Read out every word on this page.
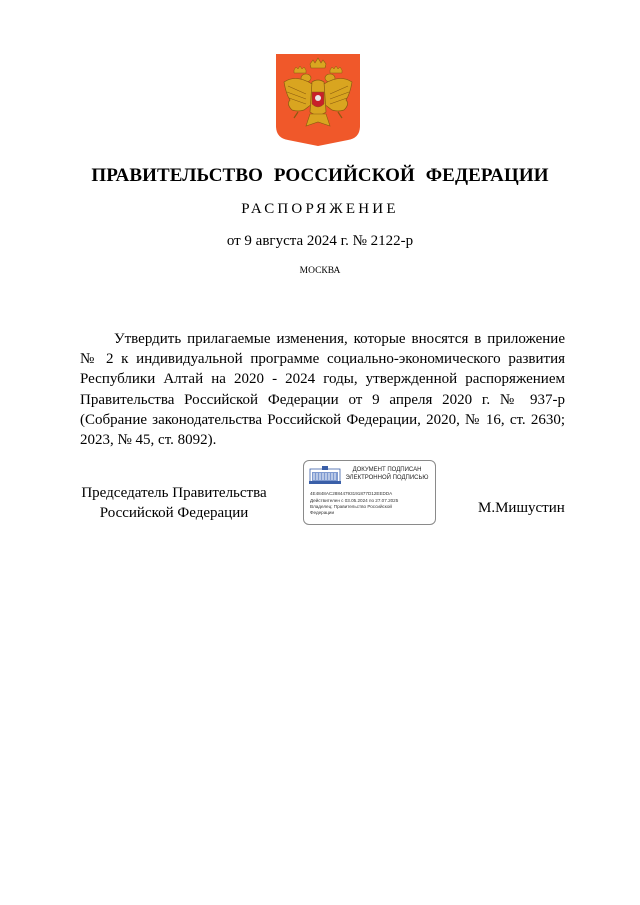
ПРАВИТЕЛЬСТВО РОССИЙСКОЙ ФЕДЕРАЦИИ
РАСПОРЯЖЕНИЕ
от 9 августа 2024 г. № 2122-р
МОСКВА

Утвердить прилагаемые изменения, которые вносятся в приложение № 2 к индивидуальной программе социально-экономического развития Республики Алтай на 2020 - 2024 годы, утвержденной распоряжением Правительства Российской Федерации от 9 апреля 2020 г. № 937-р (Собрание законодательства Российской Федерации, 2020, № 16, ст. 2630; 2023, № 45, ст. 8092).

Председатель Правительства
Российской Федерации
ДОКУМЕНТ ПОДПИСАН
ЭЛЕКТРОННОЙ ПОДПИСЬЮ
4E4848AC28844793191877D12EEDDA
Действителен с 03.05.2024 по 27.07.2025
Владелец: Правительство Российской
Федерации	М.Мишустин
